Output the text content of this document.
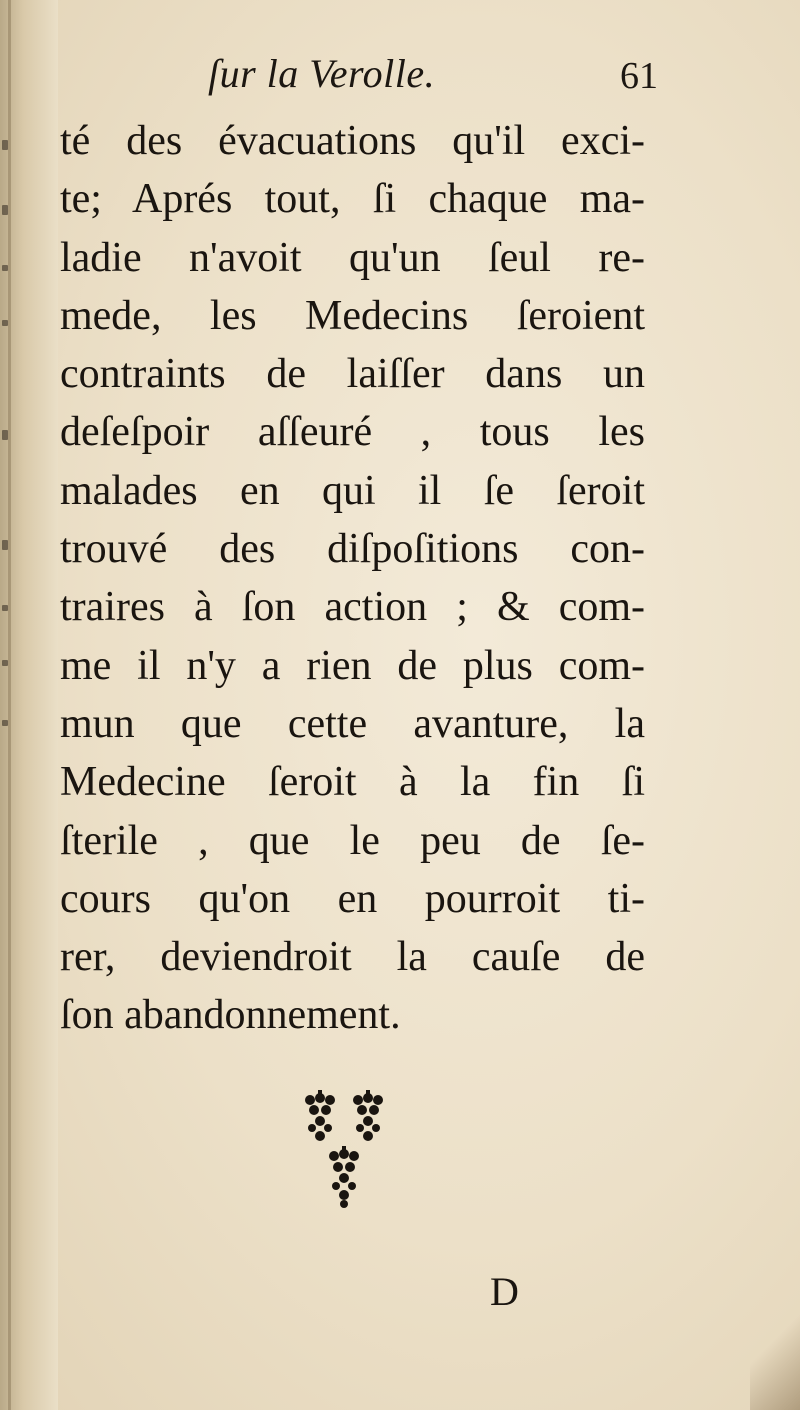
ſur la Verolle.	61

té des évacuations qu'il exci-
te; Aprés tout, ſi chaque ma-
ladie n'avoit qu'un ſeul re-
mede, les Medecins ſeroient
contraints de laiſſer dans un
deſeſpoir aſſeuré , tous les
malades en qui il ſe ſeroit
trouvé des diſpoſitions con-
traires à ſon action ; & com-
me il n'y a rien de plus com-
mun que cette avanture, la
Medecine ſeroit à la fin ſi
ſterile , que le peu de ſe-
cours qu'on en pourroit ti-
rer, deviendroit la cauſe de
ſon abandonnement.
D
